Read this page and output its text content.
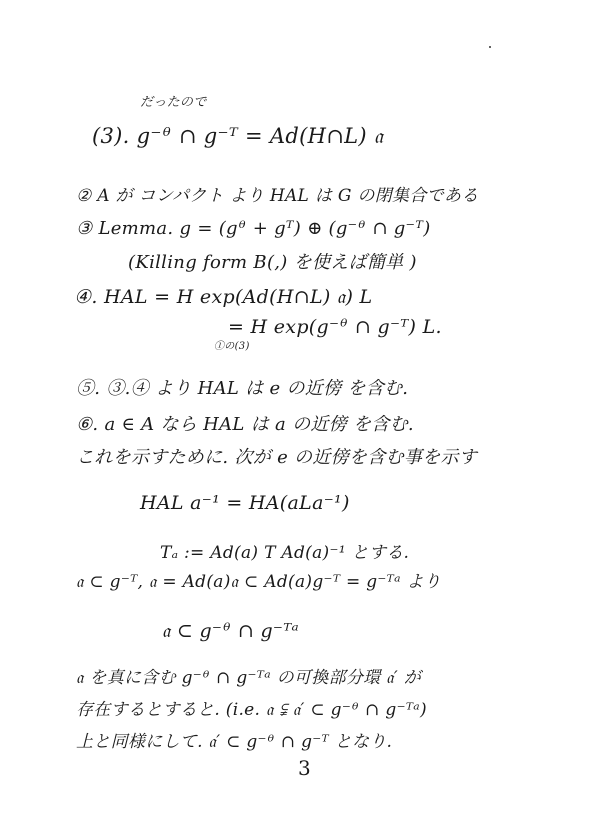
だったので
(3). g⁻ᶿ ∩ g⁻ᵀ = Ad(H∩L) 𝔞
② A が コンパクト より HAL は G の閉集合である
③ Lemma. g = (gᶿ + gᵀ) ⊕ (g⁻ᶿ ∩ g⁻ᵀ)
(Killing form B(,) を使えば簡単 )
④. HAL = H exp(Ad(H∩L) 𝔞) L
= H exp(g⁻ᶿ ∩ g⁻ᵀ) L.
①の(3)
⑤. ③.④ より HAL は e の近傍 を含む.
⑥. a ∈ A なら HAL は a の近傍 を含む.
これを示すために. 次が e の近傍を含む事を示す
HAL a⁻¹ = HA(aLa⁻¹)
Tₐ := Ad(a) T Ad(a)⁻¹ とする.
𝔞 ⊂ g⁻ᵀ, 𝔞 = Ad(a)𝔞 ⊂ Ad(a)g⁻ᵀ = g⁻ᵀᵃ より
𝔞 ⊂ g⁻ᶿ ∩ g⁻ᵀᵃ
𝔞 を真に含む g⁻ᶿ ∩ g⁻ᵀᵃ の可換部分環 𝔞′ が
存在するとすると. (i.e. 𝔞 ⫋ 𝔞′ ⊂ g⁻ᶿ ∩ g⁻ᵀᵃ)
上と同様にして. 𝔞′ ⊂ g⁻ᶿ ∩ g⁻ᵀ となり.
3
